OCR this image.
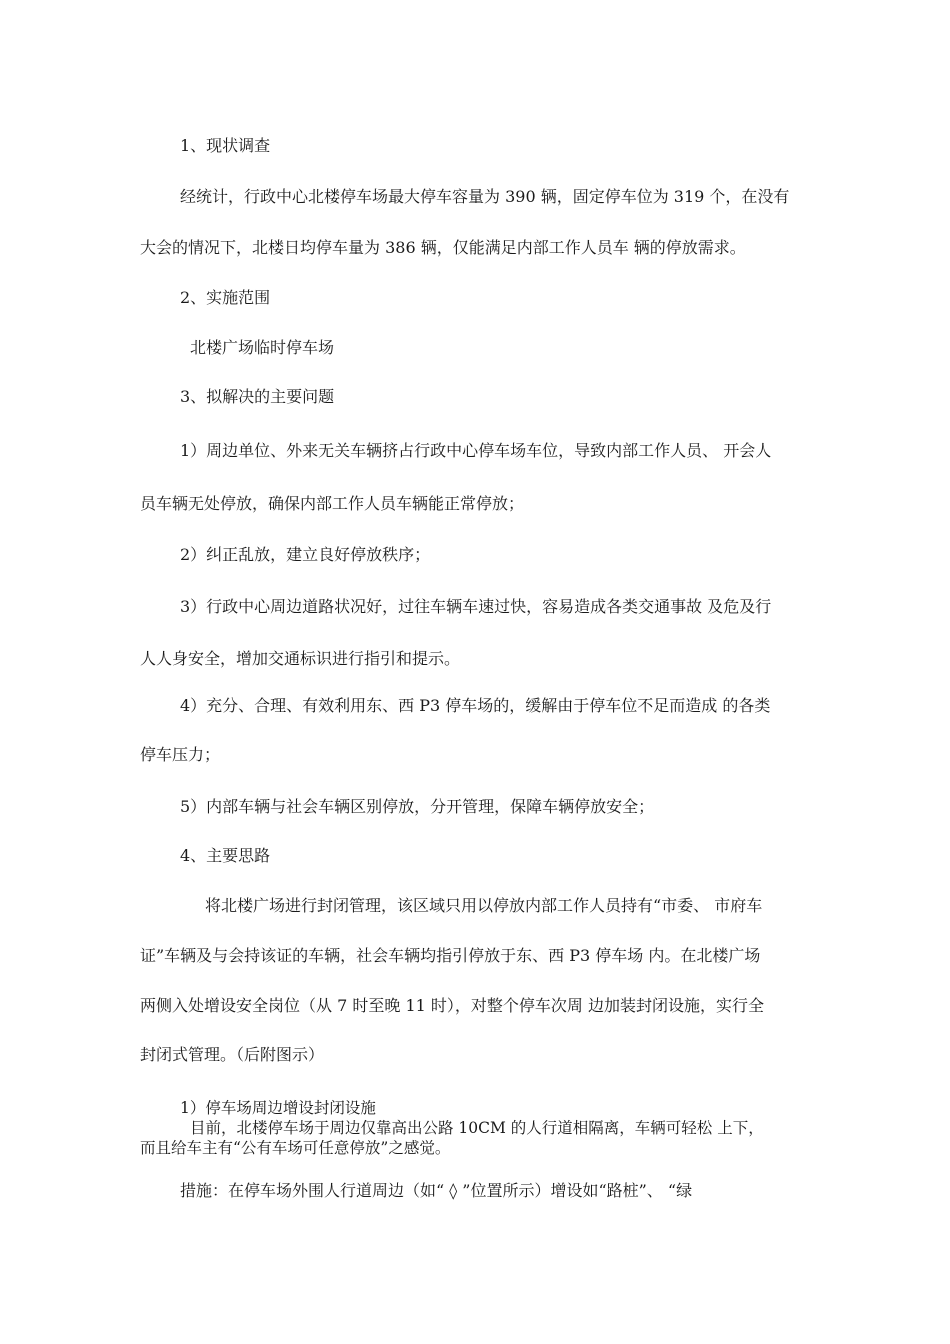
1、现状调查
经统计，行政中心北楼停车场最大停车容量为 390 辆，固定停车位为 319 个，在没有
大会的情况下，北楼日均停车量为 386 辆，仅能满足内部工作人员车 辆的停放需求。
2、实施范围
北楼广场临时停车场
3、拟解决的主要问题
1）周边单位、外来无关车辆挤占行政中心停车场车位，导致内部工作人员、 开会人
员车辆无处停放，确保内部工作人员车辆能正常停放；
2）纠正乱放，建立良好停放秩序；
3）行政中心周边道路状况好，过往车辆车速过快，容易造成各类交通事故 及危及行
人人身安全，增加交通标识进行指引和提示。
4）充分、合理、有效利用东、西 P3 停车场的，缓解由于停车位不足而造成 的各类
停车压力；
5）内部车辆与社会车辆区别停放，分开管理，保障车辆停放安全；
4、主要思路
将北楼广场进行封闭管理，该区域只用以停放内部工作人员持有“市委、 市府车
证”车辆及与会持该证的车辆，社会车辆均指引停放于东、西 P3 停车场 内。在北楼广场
两侧入处增设安全岗位（从 7 时至晚 11 时），对整个停车次周 边加装封闭设施，实行全
封闭式管理。（后附图示）
1）停车场周边增设封闭设施
目前，北楼停车场于周边仅靠高出公路 10CM 的人行道相隔离，车辆可轻松 上下，
而且给车主有“公有车场可任意停放”之感觉。
措施：在停车场外围人行道周边（如“ ◊ ”位置所示）增设如“路桩”、 “绿
